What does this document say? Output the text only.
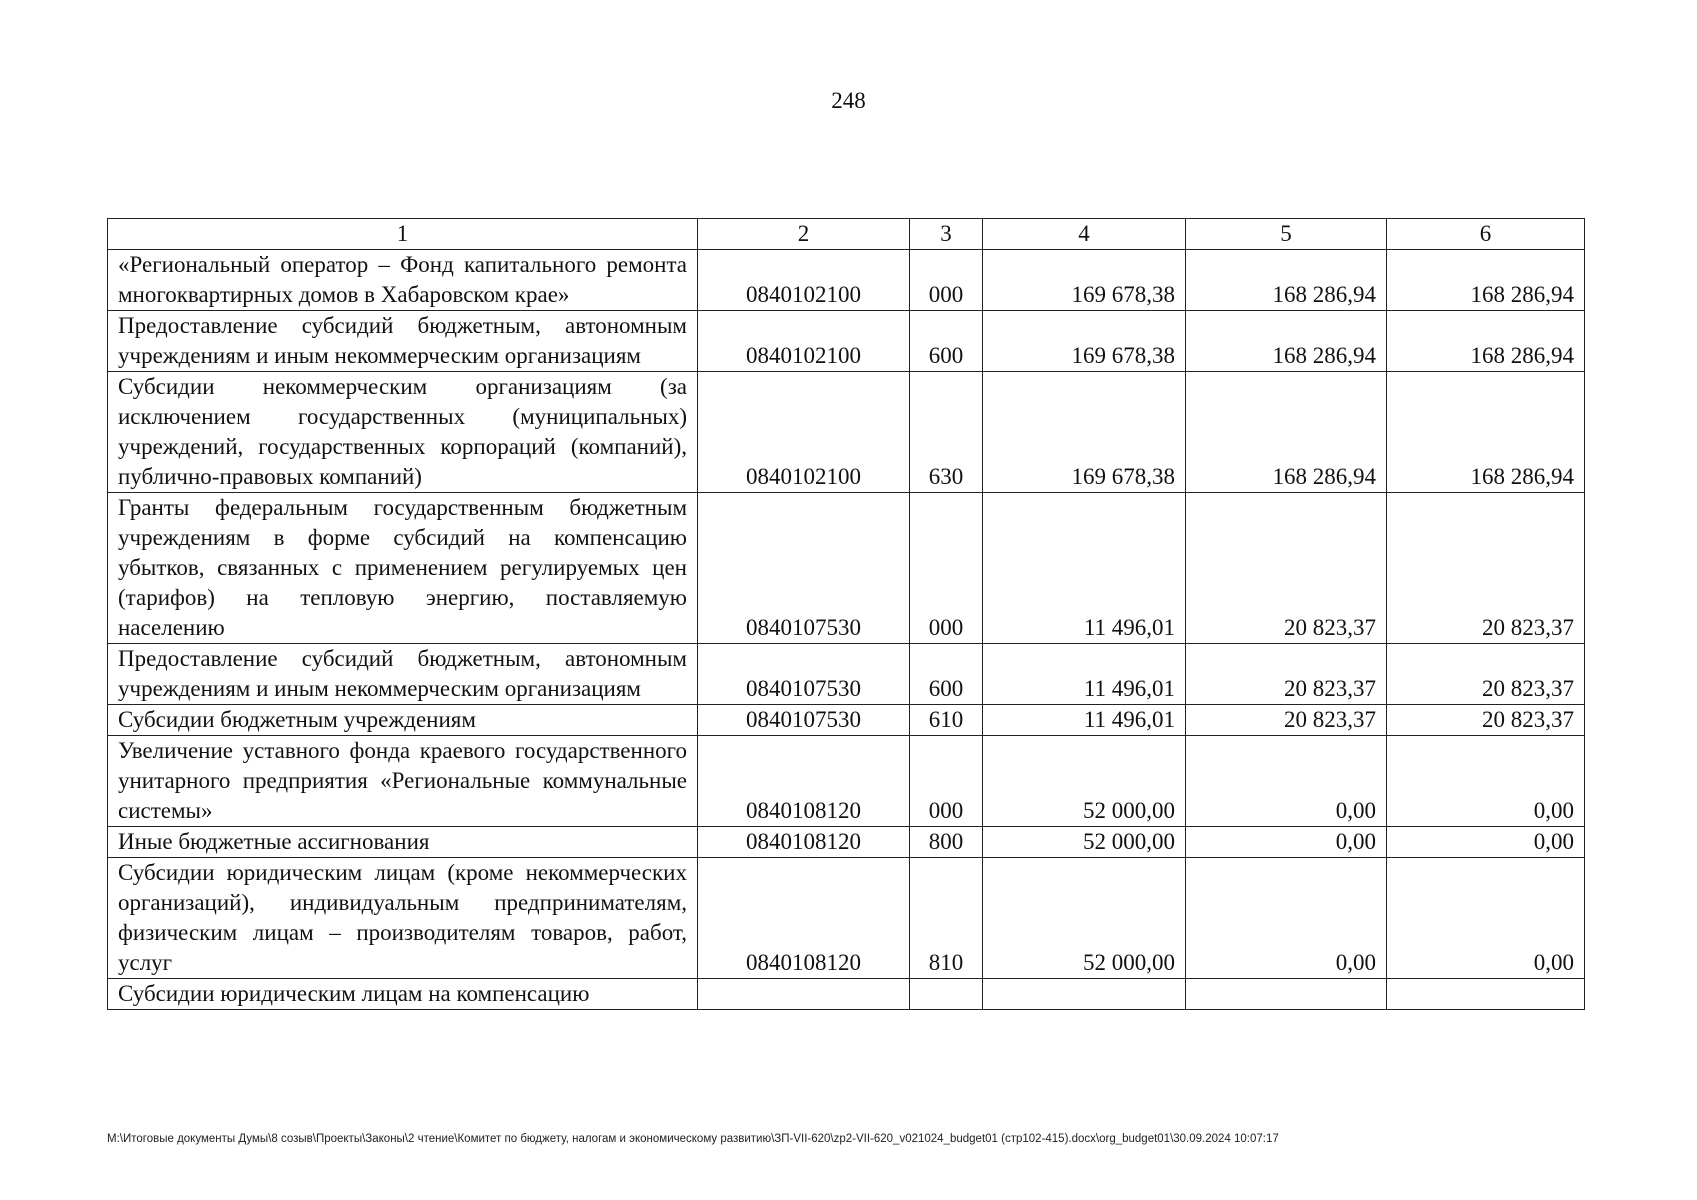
248
1	2	3	4	5	6
«Региональный оператор – Фонд капитального ремонта многоквартирных домов в Хабаровском крае»	0840102100	000	169 678,38	168 286,94	168 286,94
Предоставление субсидий бюджетным, автономным учреждениям и иным некоммерческим организациям	0840102100	600	169 678,38	168 286,94	168 286,94
Субсидии некоммерческим организациям (за исключением государственных (муниципальных) учреждений, государственных корпораций (компаний), публично-правовых компаний)	0840102100	630	169 678,38	168 286,94	168 286,94
Гранты федеральным государственным бюджетным учреждениям в форме субсидий на компенсацию убытков, связанных с применением регулируемых цен (тарифов) на тепловую энергию, поставляемую населению	0840107530	000	11 496,01	20 823,37	20 823,37
Предоставление субсидий бюджетным, автономным учреждениям и иным некоммерческим организациям	0840107530	600	11 496,01	20 823,37	20 823,37
Субсидии бюджетным учреждениям	0840107530	610	11 496,01	20 823,37	20 823,37
Увеличение уставного фонда краевого государственного унитарного предприятия «Региональные коммунальные системы»	0840108120	000	52 000,00	0,00	0,00
Иные бюджетные ассигнования	0840108120	800	52 000,00	0,00	0,00
Субсидии юридическим лицам (кроме некоммерческих организаций), индивидуальным предпринимателям, физическим лицам – производителям товаров, работ, услуг	0840108120	810	52 000,00	0,00	0,00
Субсидии юридическим лицам на компенсацию					
M:\Итоговые документы Думы\8 созыв\Проекты\Законы\2 чтение\Комитет по бюджету, налогам и экономическому развитию\ЗП-VII-620\zp2-VII-620_v021024_budget01 (стр102-415).docx\org_budget01\30.09.2024 10:07:17
